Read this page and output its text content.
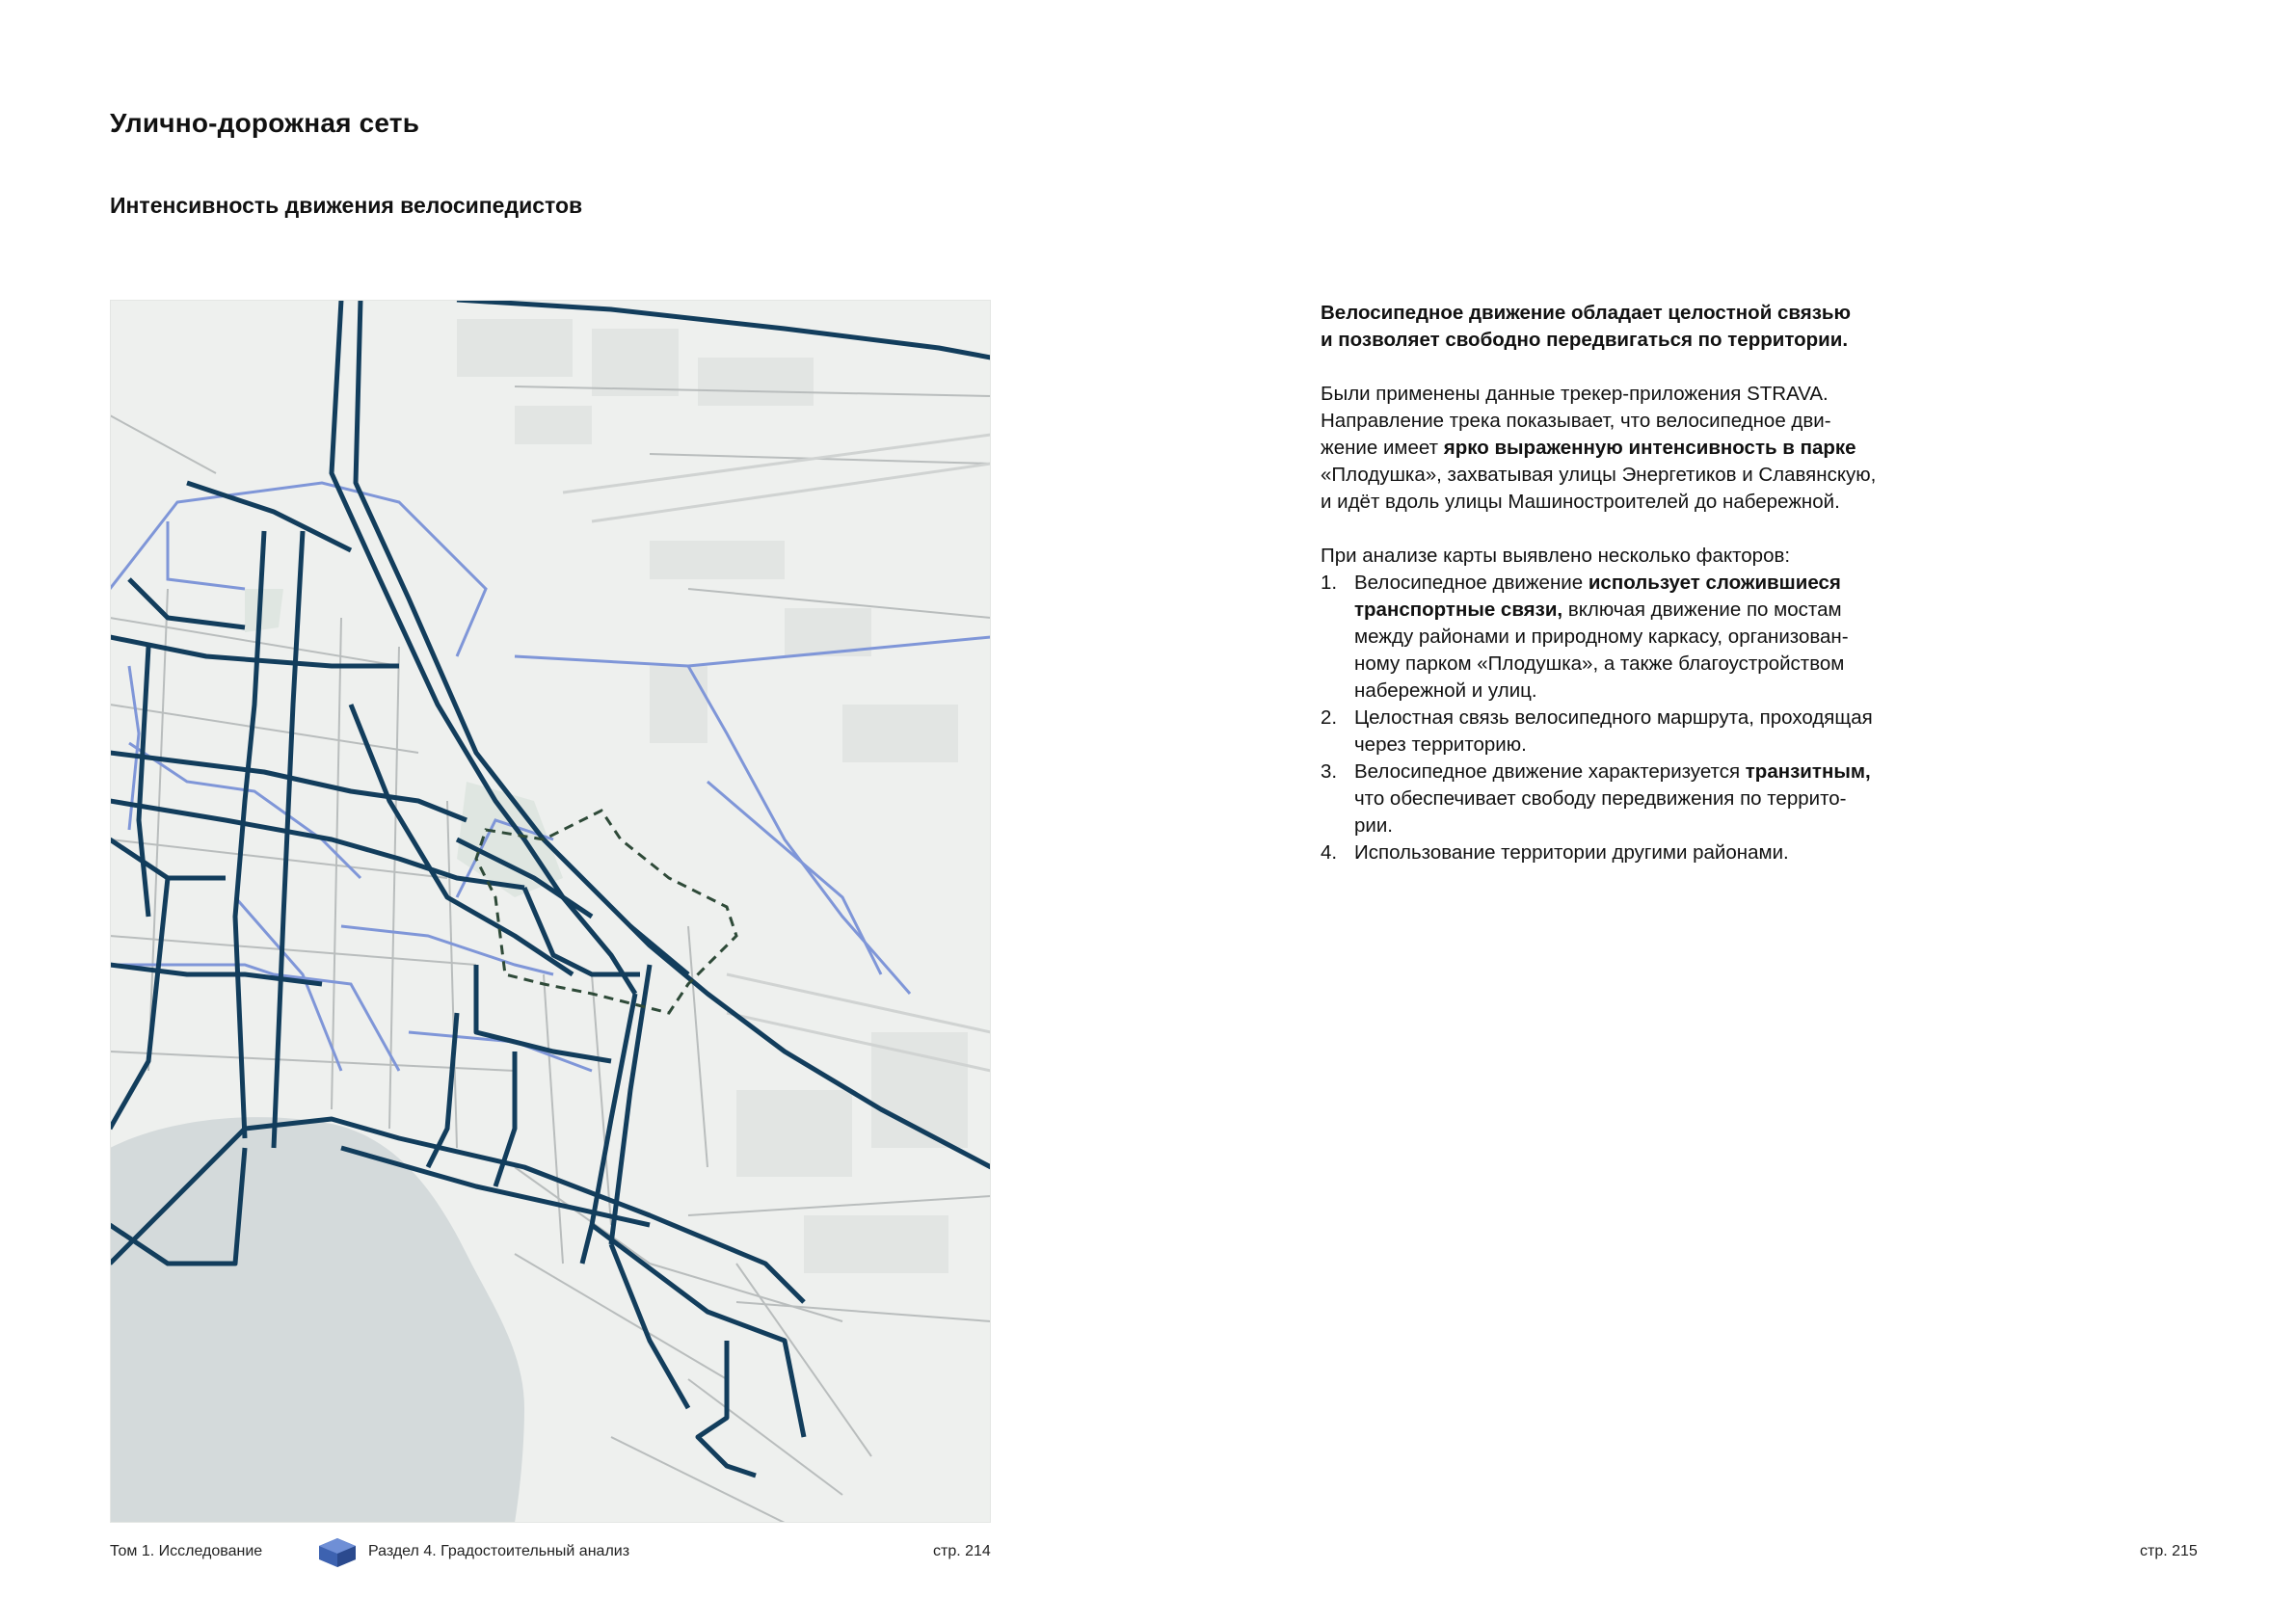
Улично-дорожная сеть
Интенсивность движения велосипедистов

Велосипедное движение обладает целостной связью
и позволяет свободно передвигаться по территории.

Были применены данные трекер-приложения STRAVA.
Направление трека показывает, что велосипедное дви-
жение имеет ярко выраженную интенсивность в парке
«Плодушка», захватывая улицы Энергетиков и Славянскую,
и идёт вдоль улицы Машиностроителей до набережной.

При анализе карты выявлено несколько факторов:
1. Велосипедное движение использует сложившиеся
транспортные связи, включая движение по мостам
между районами и природному каркасу, организован-
ному парком «Плодушка», а также благоустройством
набережной и улиц.
2. Целостная связь велосипедного маршрута, проходящая
через территорию.
3. Велосипедное движение характеризуется транзитным,
что обеспечивает свободу передвижения по террито-
рии.
4. Использование территории другими районами.
Том 1. Исследование	Раздел 4. Градостоительный анализ	стр. 214	стр. 215
